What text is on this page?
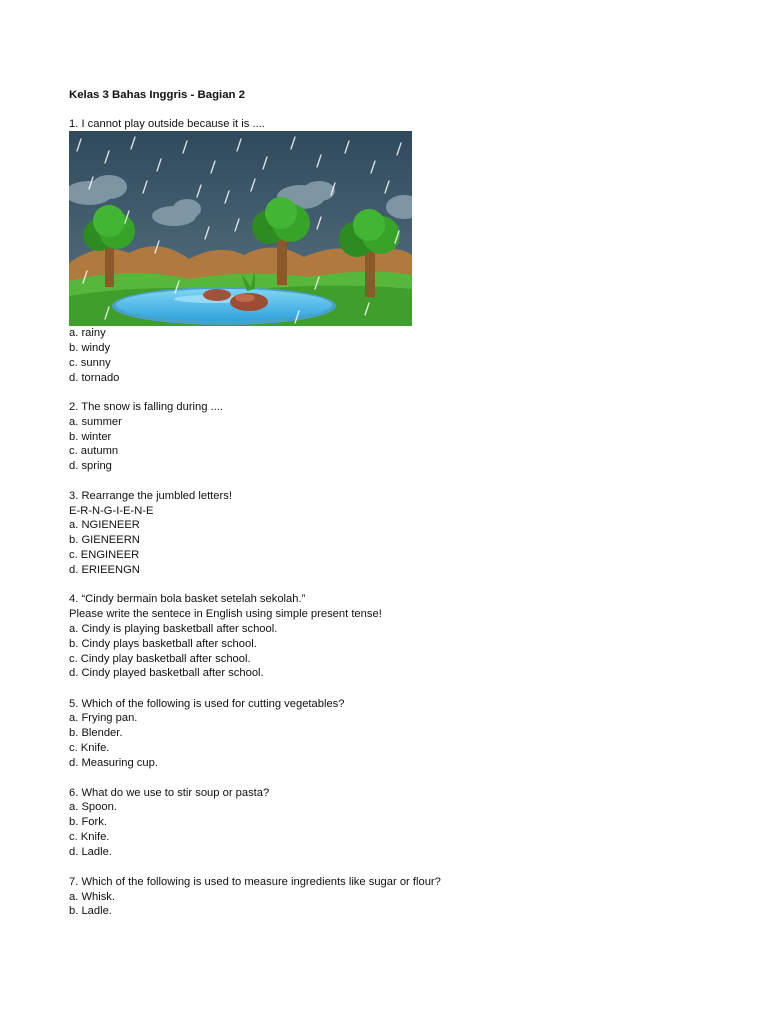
Kelas 3 Bahas Inggris - Bagian 2
1. I cannot play outside because it is ....
a. rainy
b. windy
c. sunny
d. tornado
2. The snow is falling during ....
a. summer
b. winter
c. autumn
d. spring
3. Rearrange the jumbled letters!
E-R-N-G-I-E-N-E
a. NGIENEER
b. GIENEERN
c. ENGINEER
d. ERIEENGN
4. “Cindy bermain bola basket setelah sekolah.”
Please write the sentece in English using simple present tense!
a. Cindy is playing basketball after school.
b. Cindy plays basketball after school.
c. Cindy play basketball after school.
d. Cindy played basketball after school.
5. Which of the following is used for cutting vegetables?
a. Frying pan.
b. Blender.
c. Knife.
d. Measuring cup.
6. What do we use to stir soup or pasta?
a. Spoon.
b. Fork.
c. Knife.
d. Ladle.
7. Which of the following is used to measure ingredients like sugar or flour?
a. Whisk.
b. Ladle.
